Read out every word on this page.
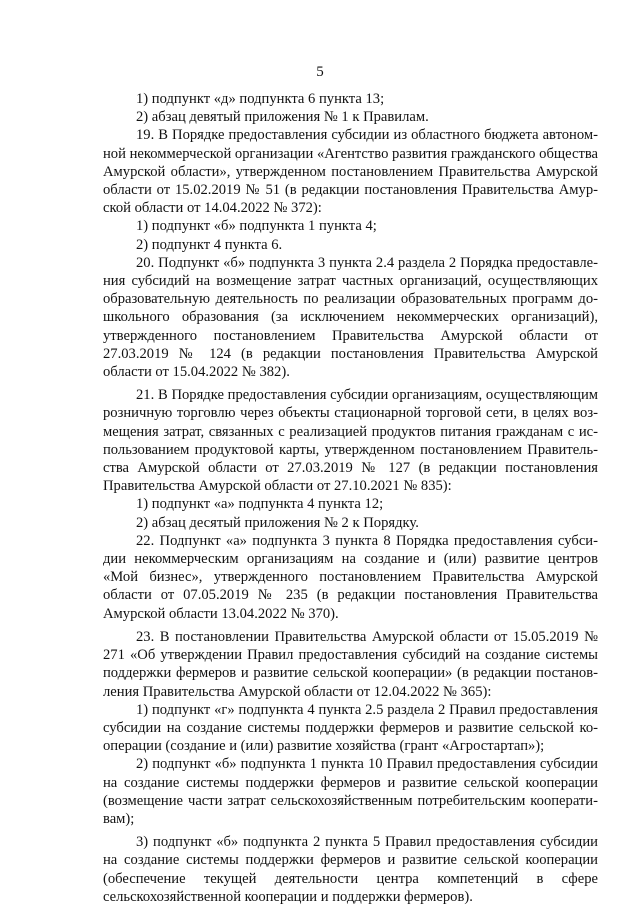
5

1) подпункт «д» подпункта 6 пункта 13;

2) абзац девятый приложения № 1 к Правилам.

19. В Порядке предоставления субсидии из областного бюджета автономной некоммерческой организации «Агентство развития гражданского общества Амурской области», утвержденном постановлением Правительства Амурской области от 15.02.2019 № 51 (в редакции постановления Правительства Амурской области от 14.04.2022 № 372):

1) подпункт «б» подпункта 1 пункта 4;

2) подпункт 4 пункта 6.

20. Подпункт «б» подпункта 3 пункта 2.4 раздела 2 Порядка предоставления субсидий на возмещение затрат частных организаций, осуществляющих образовательную деятельность по реализации образовательных программ дошкольного образования (за исключением некоммерческих организаций), утвержденного постановлением Правительства Амурской области от 27.03.2019 № 124 (в редакции постановления Правительства Амурской области от 15.04.2022 № 382).

21. В Порядке предоставления субсидии организациям, осуществляющим розничную торговлю через объекты стационарной торговой сети, в целях возмещения затрат, связанных с реализацией продуктов питания гражданам с использованием продуктовой карты, утвержденном постановлением Правительства Амурской области от 27.03.2019 № 127 (в редакции постановления Правительства Амурской области от 27.10.2021 № 835):

1) подпункт «а» подпункта 4 пункта 12;

2) абзац десятый приложения № 2 к Порядку.

22. Подпункт «а» подпункта 3 пункта 8 Порядка предоставления субсидии некоммерческим организациям на создание и (или) развитие центров «Мой бизнес», утвержденного постановлением Правительства Амурской области от 07.05.2019 № 235 (в редакции постановления Правительства Амурской области 13.04.2022 № 370).

23. В постановлении Правительства Амурской области от 15.05.2019 № 271 «Об утверждении Правил предоставления субсидий на создание системы поддержки фермеров и развитие сельской кооперации» (в редакции постановления Правительства Амурской области от 12.04.2022 № 365):

1) подпункт «г» подпункта 4 пункта 2.5 раздела 2 Правил предоставления субсидии на создание системы поддержки фермеров и развитие сельской кооперации (создание и (или) развитие хозяйства (грант «Агростартап»);

2) подпункт «б» подпункта 1 пункта 10 Правил предоставления субсидии на создание системы поддержки фермеров и развитие сельской кооперации (возмещение части затрат сельскохозяйственным потребительским кооперативам);

3) подпункт «б» подпункта 2 пункта 5 Правил предоставления субсидии на создание системы поддержки фермеров и развитие сельской кооперации (обеспечение текущей деятельности центра компетенций в сфере сельскохозяйственной кооперации и поддержки фермеров).
